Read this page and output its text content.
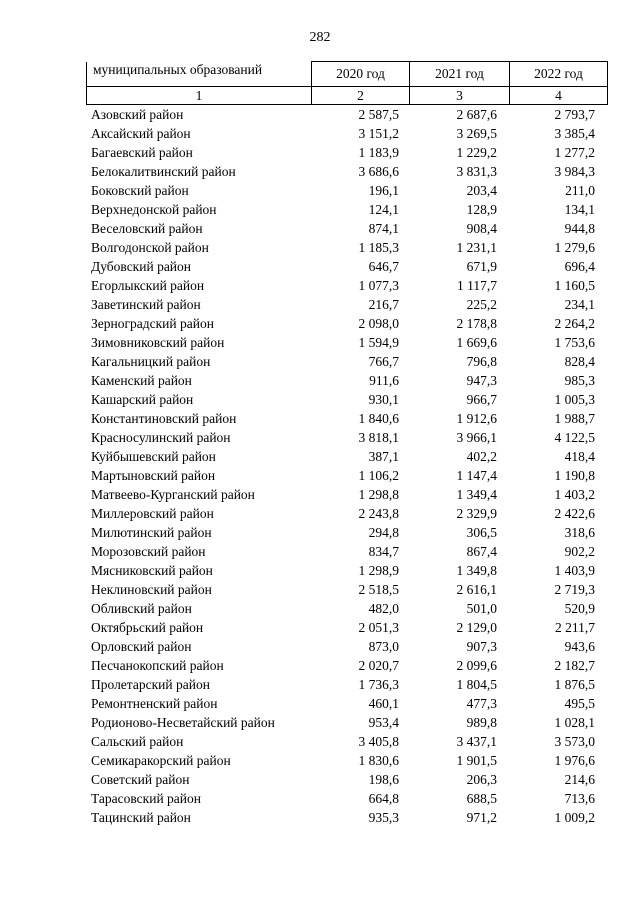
282
муниципальных образований	2020 год	2021 год	2022 год
1	2	3	4
Азовский район	2 587,5	2 687,6	2 793,7
Аксайский район	3 151,2	3 269,5	3 385,4
Багаевский район	1 183,9	1 229,2	1 277,2
Белокалитвинский район	3 686,6	3 831,3	3 984,3
Боковский район	196,1	203,4	211,0
Верхнедонской район	124,1	128,9	134,1
Веселовский район	874,1	908,4	944,8
Волгодонской район	1 185,3	1 231,1	1 279,6
Дубовский район	646,7	671,9	696,4
Егорлыкский район	1 077,3	1 117,7	1 160,5
Заветинский район	216,7	225,2	234,1
Зерноградский район	2 098,0	2 178,8	2 264,2
Зимовниковский район	1 594,9	1 669,6	1 753,6
Кагальницкий район	766,7	796,8	828,4
Каменский район	911,6	947,3	985,3
Кашарский район	930,1	966,7	1 005,3
Константиновский район	1 840,6	1 912,6	1 988,7
Красносулинский район	3 818,1	3 966,1	4 122,5
Куйбышевский район	387,1	402,2	418,4
Мартыновский район	1 106,2	1 147,4	1 190,8
Матвеево-Курганский район	1 298,8	1 349,4	1 403,2
Миллеровский район	2 243,8	2 329,9	2 422,6
Милютинский район	294,8	306,5	318,6
Морозовский район	834,7	867,4	902,2
Мясниковский район	1 298,9	1 349,8	1 403,9
Неклиновский район	2 518,5	2 616,1	2 719,3
Обливский район	482,0	501,0	520,9
Октябрьский район	2 051,3	2 129,0	2 211,7
Орловский район	873,0	907,3	943,6
Песчанокопский район	2 020,7	2 099,6	2 182,7
Пролетарский район	1 736,3	1 804,5	1 876,5
Ремонтненский район	460,1	477,3	495,5
Родионово-Несветайский район	953,4	989,8	1 028,1
Сальский район	3 405,8	3 437,1	3 573,0
Семикаракорский район	1 830,6	1 901,5	1 976,6
Советский район	198,6	206,3	214,6
Тарасовский район	664,8	688,5	713,6
Тацинский район	935,3	971,2	1 009,2
